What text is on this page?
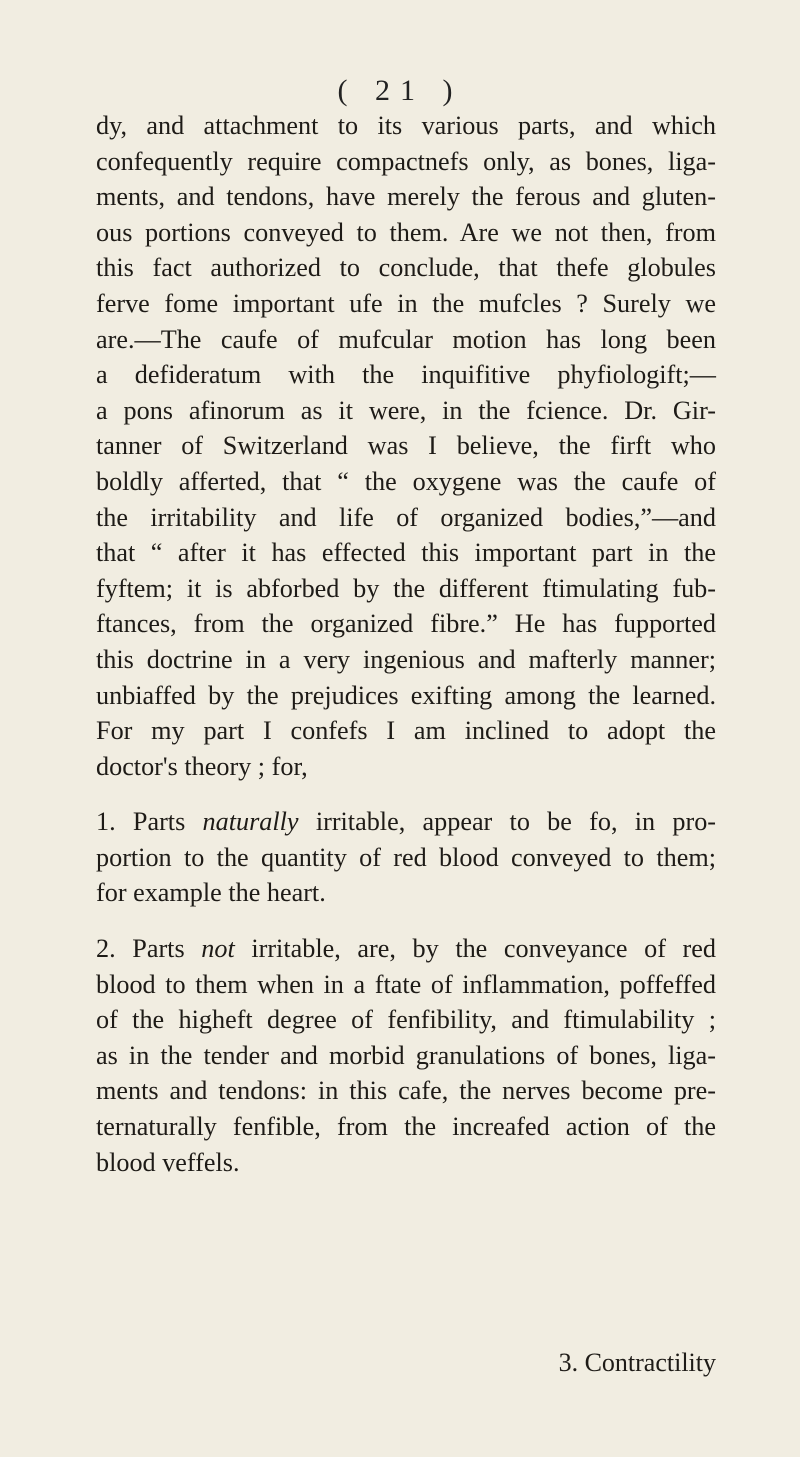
( 21 )

dy, and attachment to its various parts, and which
confequently require compactnefs only, as bones, liga-
ments, and tendons, have merely the ferous and gluten-
ous portions conveyed to them. Are we not then, from
this fact authorized to conclude, that thefe globules
ferve fome important ufe in the mufcles ? Surely we
are.—The caufe of mufcular motion has long been
a defideratum with the inquifitive phyfiologift;—
a pons afinorum as it were, in the fcience. Dr. Gir-
tanner of Switzerland was I believe, the firft who
boldly afferted, that “ the oxygene was the caufe of
the irritability and life of organized bodies,”—and
that “ after it has effected this important part in the
fyftem; it is abforbed by the different ftimulating fub-
ftances, from the organized fibre.” He has fupported
this doctrine in a very ingenious and mafterly manner;
unbiaffed by the prejudices exifting among the learned.
For my part I confefs I am inclined to adopt the
doctor's theory ; for,

1. Parts naturally irritable, appear to be fo, in pro-
portion to the quantity of red blood conveyed to them;
for example the heart.

2. Parts not irritable, are, by the conveyance of red
blood to them when in a ftate of inflammation, poffeffed
of the higheft degree of fenfibility, and ftimulability ;
as in the tender and morbid granulations of bones, liga-
ments and tendons: in this cafe, the nerves become pre-
ternaturally fenfible, from the increafed action of the
blood veffels.

3. Contractility
